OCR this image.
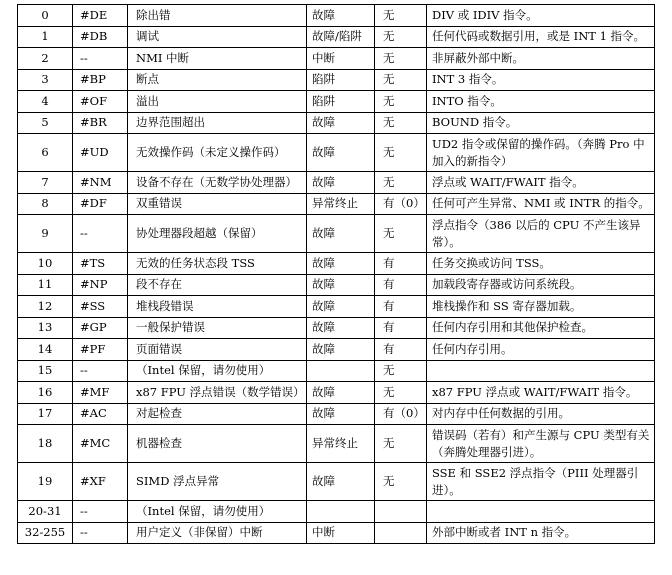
0	#DE	除出错	故障	无	DIV 或 IDIV 指令。
1	#DB	调试	故障/陷阱	无	任何代码或数据引用，或是 INT 1 指令。
2	--	NMI 中断	中断	无	非屏蔽外部中断。
3	#BP	断点	陷阱	无	INT 3 指令。
4	#OF	溢出	陷阱	无	INTO 指令。
5	#BR	边界范围超出	故障	无	BOUND 指令。
6	#UD	无效操作码（未定义操作码）	故障	无	UD2 指令或保留的操作码。（奔腾 Pro 中加入的新指令）
7	#NM	设备不存在（无数学协处理器）	故障	无	浮点或 WAIT/FWAIT 指令。
8	#DF	双重错误	异常终止	有（0）	任何可产生异常、NMI 或 INTR 的指令。
9	--	协处理器段超越（保留）	故障	无	浮点指令（386 以后的 CPU 不产生该异常）。
10	#TS	无效的任务状态段 TSS	故障	有	任务交换或访问 TSS。
11	#NP	段不存在	故障	有	加载段寄存器或访问系统段。
12	#SS	堆栈段错误	故障	有	堆栈操作和 SS 寄存器加载。
13	#GP	一般保护错误	故障	有	任何内存引用和其他保护检查。
14	#PF	页面错误	故障	有	任何内存引用。
15	--	（Intel 保留，请勿使用）		无	
16	#MF	x87 FPU 浮点错误（数学错误）	故障	无	x87 FPU 浮点或 WAIT/FWAIT 指令。
17	#AC	对起检查	故障	有（0）	对内存中任何数据的引用。
18	#MC	机器检查	异常终止	无	错误码（若有）和产生源与 CPU 类型有关（奔腾处理器引进）。
19	#XF	SIMD 浮点异常	故障	无	SSE 和 SSE2 浮点指令（PIII 处理器引进）。
20-31	--	（Intel 保留，请勿使用）			
32-255	--	用户定义（非保留）中断	中断		外部中断或者 INT n 指令。
